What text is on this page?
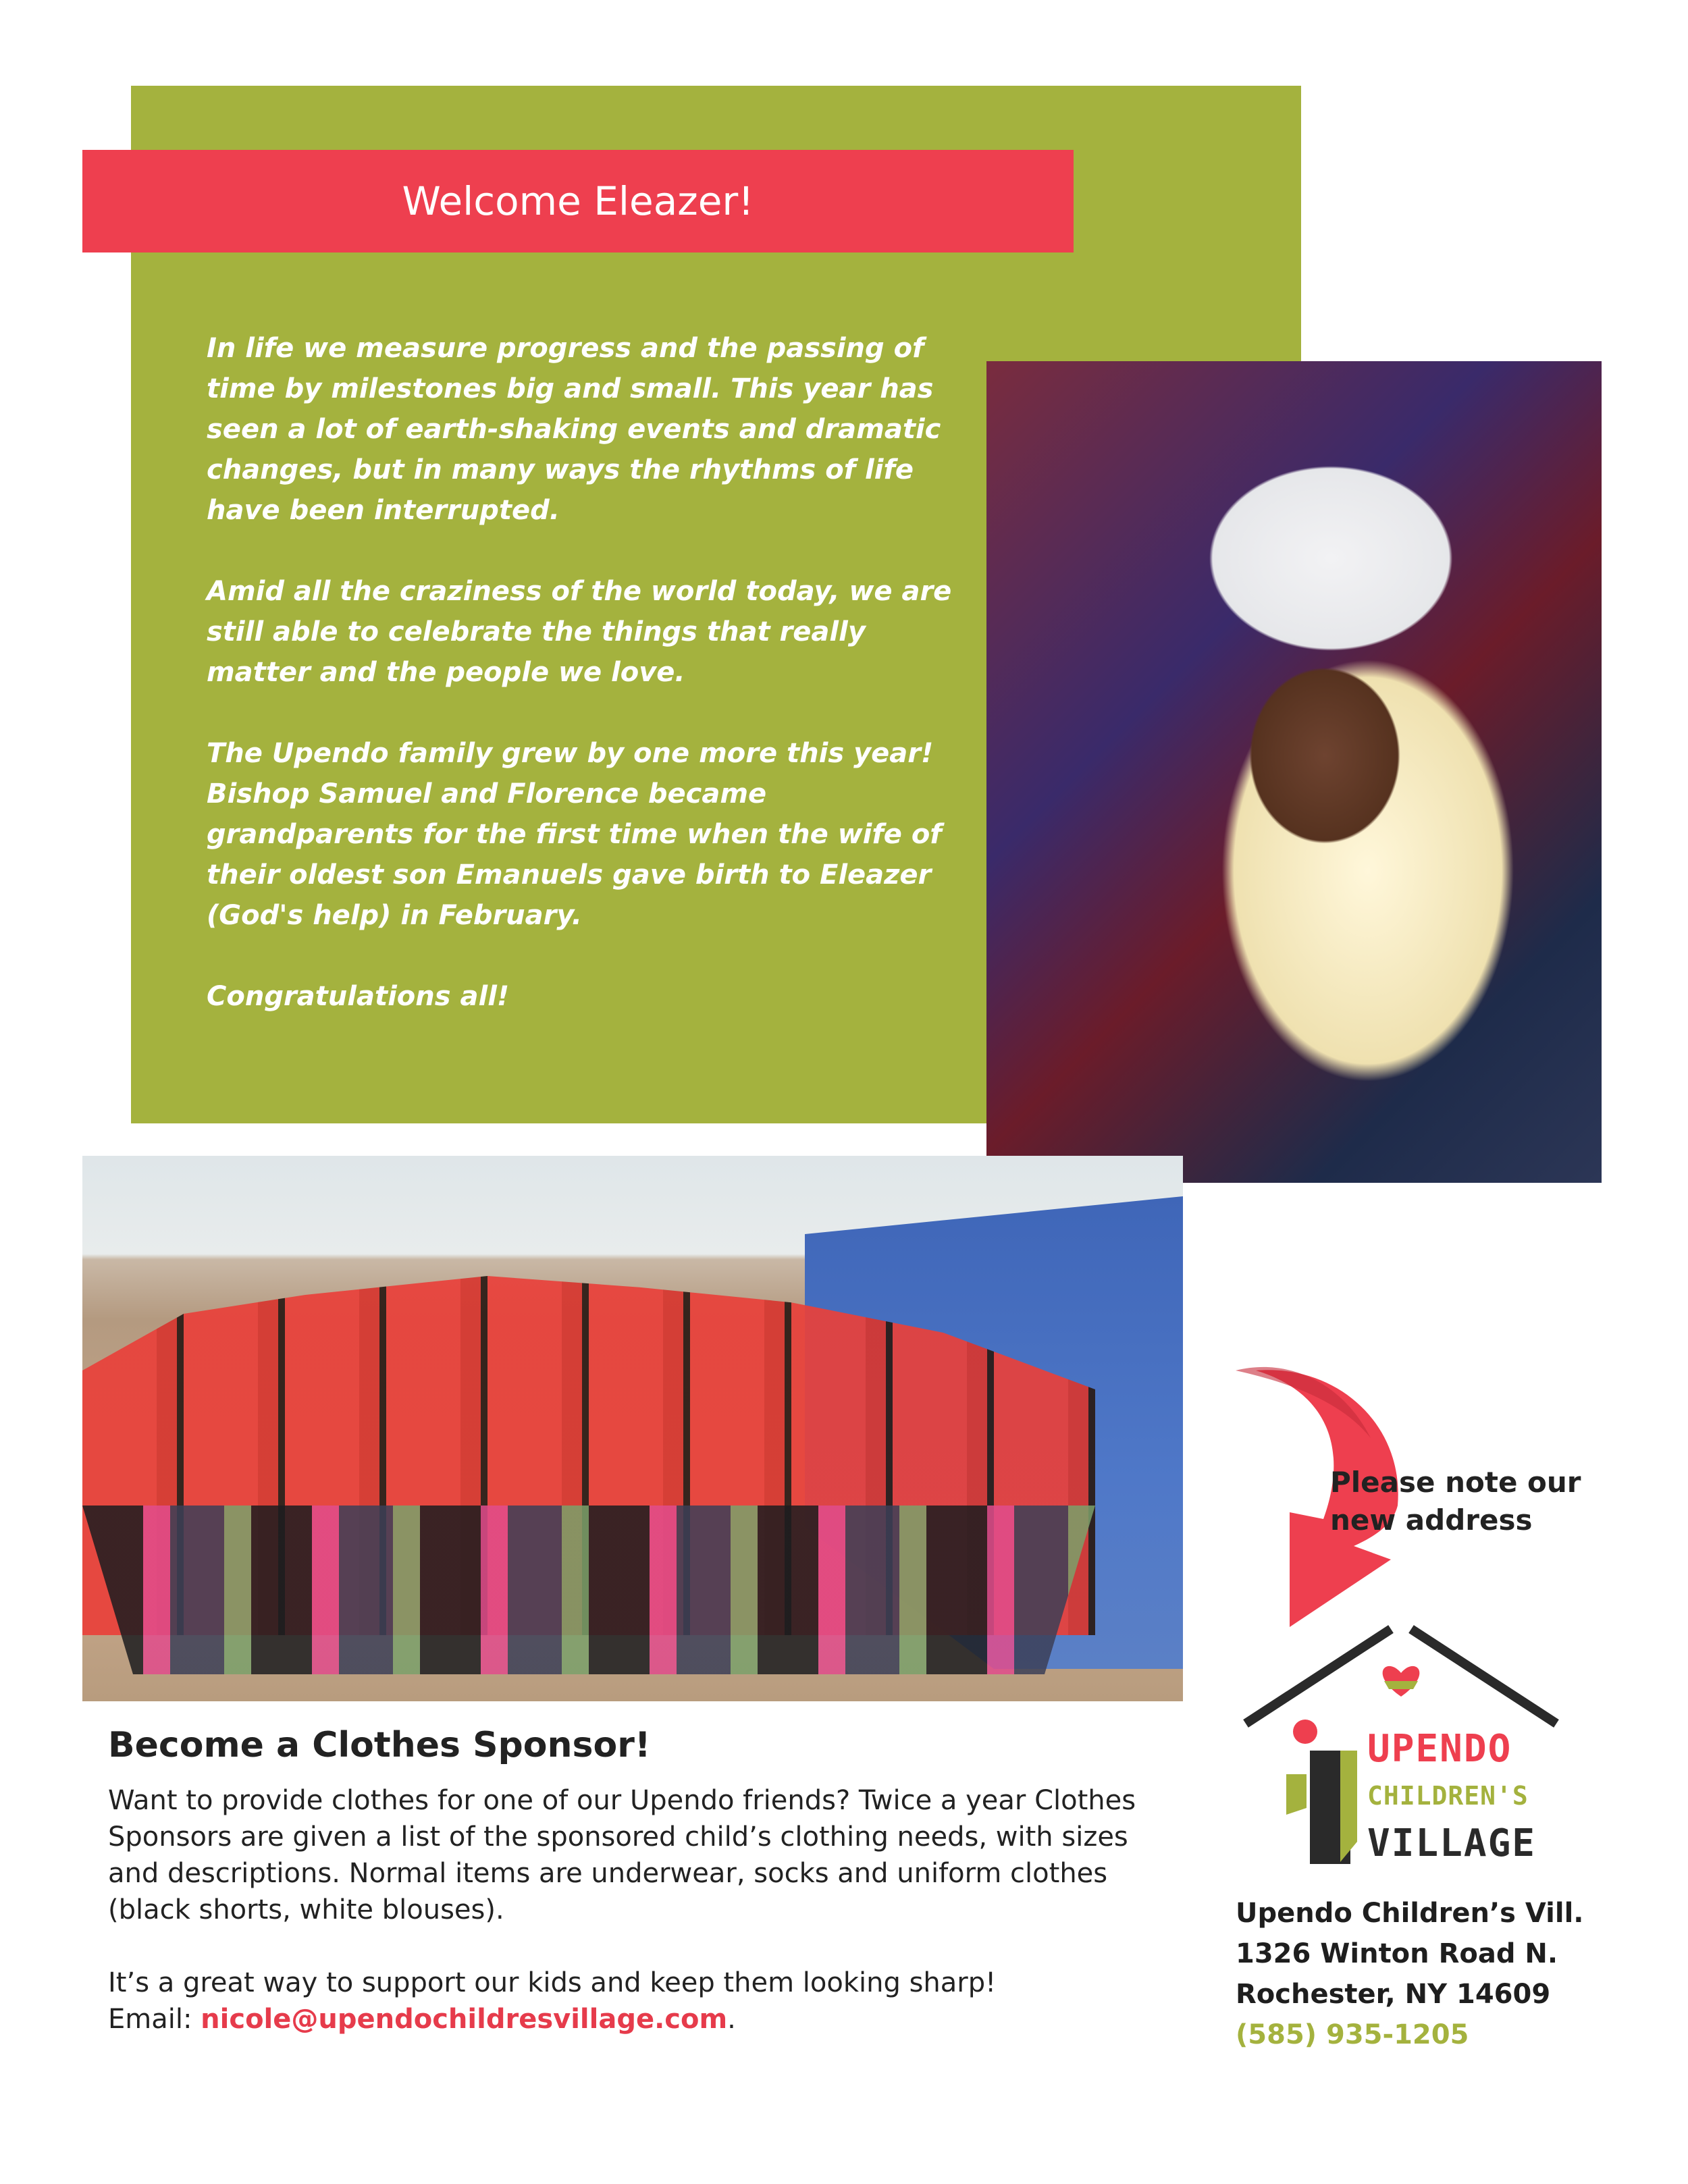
Welcome Eleazer!

In life we measure progress and the passing of time by milestones big and small. This year has seen a lot of earth-shaking events and dramatic changes, but in many ways the rhythms of life have been interrupted.

Amid all the craziness of the world today, we are still able to celebrate the things that really matter and the people we love.

The Upendo family grew by one more this year! Bishop Samuel and Florence became grandparents for the first time when the wife of their oldest son Emanuels gave birth to Eleazer (God's help) in February.

Congratulations all!

Please note our
new address
UPENDO
CHILDREN'S
VILLAGE
Upendo Children’s Vill.
1326 Winton Road N.
Rochester, NY 14609
(585) 935-1205
Become a Clothes Sponsor!

Want to provide clothes for one of our Upendo friends? Twice a year Clothes Sponsors are given a list of the sponsored child’s clothing needs, with sizes and descriptions. Normal items are underwear, socks and uniform clothes (black shorts, white blouses).

It’s a great way to support our kids and keep them looking sharp!
Email: nicole@upendochildresvillage.com.
